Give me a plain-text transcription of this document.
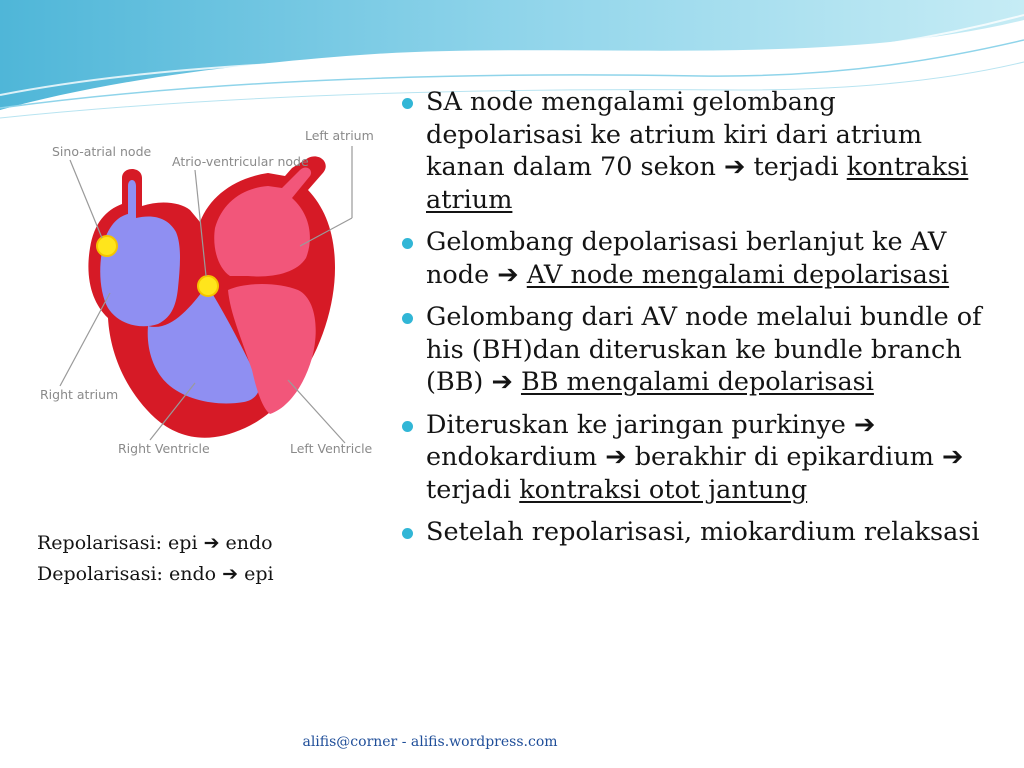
Sino-atrial node
Atrio-ventricular node
Left atrium
Right atrium
Right Ventricle	Left Ventricle
SA node mengalami gelombang depolarisasi ke atrium kiri dari atrium kanan dalam 70 sekon ➔ terjadi kontraksi atrium
Gelombang depolarisasi berlanjut ke AV node ➔ AV node mengalami depolarisasi
Gelombang dari AV node melalui bundle of his (BH)dan diteruskan ke bundle branch (BB) ➔ BB mengalami depolarisasi
Diteruskan ke jaringan purkinye ➔ endokardium ➔ berakhir di epikardium ➔ terjadi kontraksi otot jantung
Setelah repolarisasi, miokardium relaksasi
Repolarisasi: epi ➔ endo
Depolarisasi: endo ➔ epi
alifis@corner - alifis.wordpress.com
